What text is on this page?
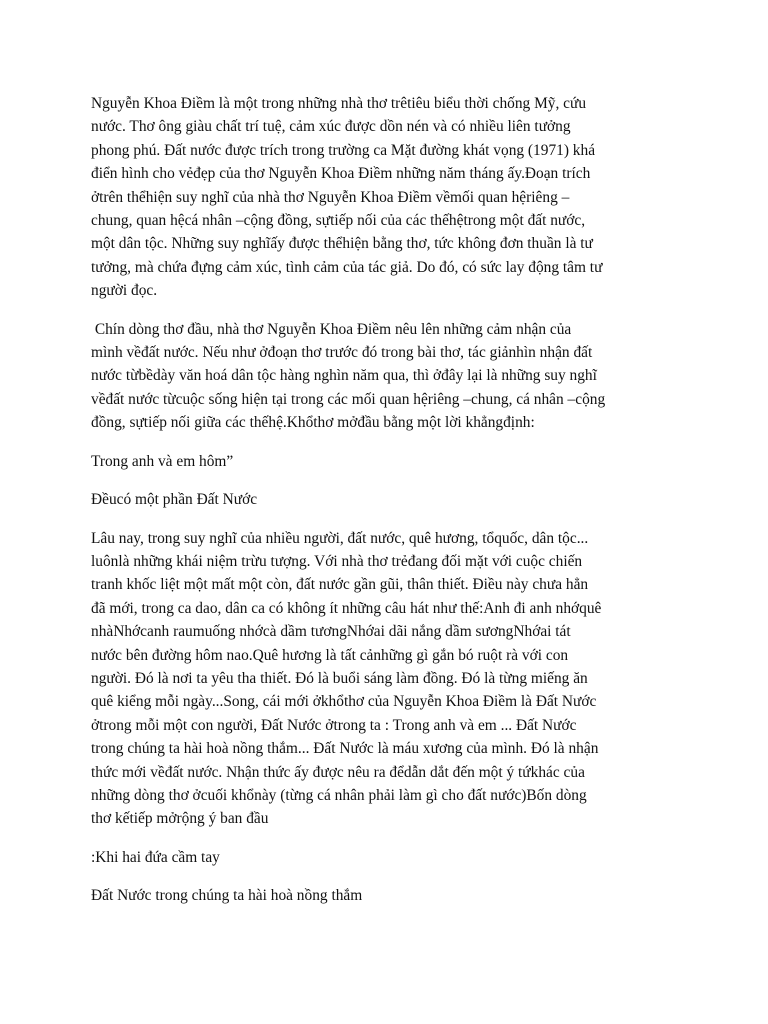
Nguyễn Khoa Điềm là một trong những nhà thơ trêtiêu biểu thời chống Mỹ, cứu
nước. Thơ ông giàu chất trí tuệ, cảm xúc được dồn nén và có nhiều liên tưởng
phong phú. Đất nước được trích trong trường ca Mặt đường khát vọng (1971) khá
điển hình cho vẻđẹp của thơ Nguyễn Khoa Điềm những năm tháng ấy.Đoạn trích
ởtrên thểhiện suy nghĩ của nhà thơ Nguyễn Khoa Điềm vềmối quan hệriêng –
chung, quan hệcá nhân –cộng đồng, sựtiếp nối của các thếhệtrong một đất nước,
một dân tộc. Những suy nghĩấy được thểhiện bằng thơ, tức không đơn thuần là tư
tưởng, mà chứa đựng cảm xúc, tình cảm của tác giả. Do đó, có sức lay động tâm tư
người đọc.

Chín dòng thơ đầu, nhà thơ Nguyễn Khoa Điềm nêu lên những cảm nhận của
mình vềđất nước. Nếu như ởđoạn thơ trước đó trong bài thơ, tác giảnhìn nhận đất
nước từbềdày văn hoá dân tộc hàng nghìn năm qua, thì ởđây lại là những suy nghĩ
vềđất nước từcuộc sống hiện tại trong các mối quan hệriêng –chung, cá nhân –cộng
đồng, sựtiếp nối giữa các thếhệ.Khổthơ mởđầu bằng một lời khẳngđịnh:

Trong anh và em hôm”

Đềucó một phần Đất Nước

Lâu nay, trong suy nghĩ của nhiều người, đất nước, quê hương, tổquốc, dân tộc...
luônlà những khái niệm trừu tượng. Với nhà thơ trẻđang đối mặt với cuộc chiến
tranh khốc liệt một mất một còn, đất nước gần gũi, thân thiết. Điều này chưa hẳn
đã mới, trong ca dao, dân ca có không ít những câu hát như thế:Anh đi anh nhớquê
nhàNhớcanh raumuống nhớcà dầm tươngNhớai dãi nắng dầm sươngNhớai tát
nước bên đường hôm nao.Quê hương là tất cảnhững gì gắn bó ruột rà với con
người. Đó là nơi ta yêu tha thiết. Đó là buổi sáng làm đồng. Đó là từng miếng ăn
quê kiểng mỗi ngày...Song, cái mới ởkhổthơ của Nguyễn Khoa Điềm là Đất Nước
ởtrong mỗi một con người, Đất Nước ởtrong ta : Trong anh và em ... Đất Nước
trong chúng ta hài hoà nồng thắm... Đất Nước là máu xương của mình. Đó là nhận
thức mới vềđất nước. Nhận thức ấy được nêu ra đểdẫn dắt đến một ý tứkhác của
những dòng thơ ởcuối khổnày (từng cá nhân phải làm gì cho đất nước)Bốn dòng
thơ kếtiếp mởrộng ý ban đầu

:Khi hai đứa cầm tay

Đất Nước trong chúng ta hài hoà nồng thắm
